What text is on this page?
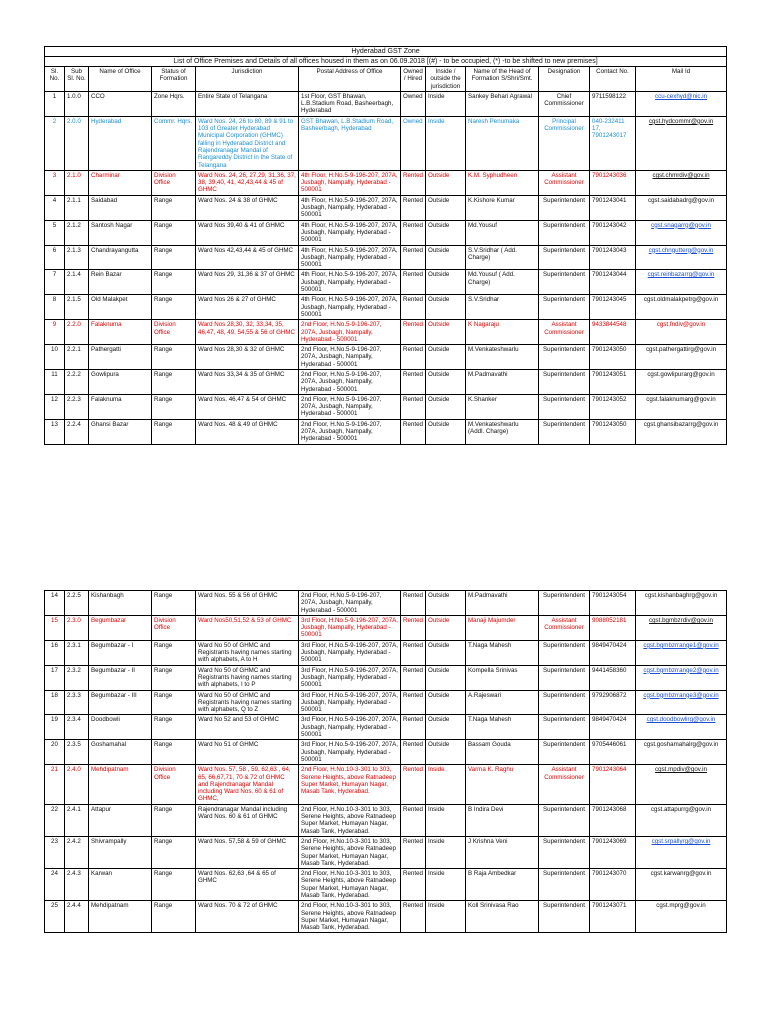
Hyderabad GST Zone											
List of Office Premises and Details of all offices housed in them as on 06.09.2018 [(#) - to be occupied, (*) -to be shifted to new premises]											
Sl. No.	Sub Sl. No.	Name of Office	Status of Formation	Jurisdiction	Postal Address of Office	Owned/ Hired	Inside / outside the jurisdiction	Name of the Head of Formation S/Shri/Smt.	Designation	Contact No.	Mail Id
1	1.0.0	CCO	Zone Hqrs.	Entire State of Telangana	1st Floor, GST Bhawan, L.B.Stadium Road, Basheerbagh, Hyderabad	Owned	Inside	Sankey Behari Agrawal	Chief Commissioner	9711598122	ccu-cexhyd@nic.in
2	2.0.0	Hyderabad	Commr. Hqrs.	Ward Nos. 24, 26 to 80, 89 & 91 to 103 of Greater Hyderabad Municipal Corporation (GHMC) falling in Hyderabad District and Rajendranagar Mandal of Rangareddy District in the State of Telangana	GST Bhawan, L.B.Stadium Road, Basheerbagh, Hyderabad	Owned	Inside	Naresh Penumaka	Principal Commissioner	040-232411 17, 7901243017	cgst.hydcommr@gov.in
3	2.1.0	Charminar	Division Office	Ward Nos. 24, 26, 27,29, 31,36, 37, 38, 39,40, 41, 42,43,44 & 45 of GHMC	4th Floor, H.No.5-9-196-207, 207A, Jusbagh, Nampally, Hyderabad - 500001	Rented	Outside	K.M. Syphudheen	Assistant Commissioner	7901243036	cgst.chmrdiv@gov.in
4	2.1.1	Saidabad	Range	Ward Nos. 24 & 38 of GHMC	4th Floor, H.No.5-9-196-207, 207A, Jusbagh, Nampally, Hyderabad - 500001	Rented	Outside	K.Kishore Kumar	Superintendent	7901243041	cgst.saidabadrg@gov.in
5	2.1.2	Santosh Nagar	Range	Ward Nos 39,40 & 41 of GHMC	4th Floor, H.No.5-9-196-207, 207A, Jusbagh, Nampally, Hyderabad - 500001	Rented	Outside	Md.Yousuf	Superintendent	7901243042	cgst.snagarrg@gov.in
6	2.1.3	Chandrayangutta	Range	Ward Nos 42,43,44 & 45 of GHMC	4th Floor, H.No.5-9-196-207, 207A, Jusbagh, Nampally, Hyderabad - 500001	Rented	Outside	S.V.Sridhar ( Add. Charge)	Superintendent	7901243043	cgst.chngutterg@gov.in
7	2.1.4	Rein Bazar	Range	Ward Nos 29, 31,36 & 37 of GHMC	4th Floor, H.No.5-9-196-207, 207A, Jusbagh, Nampally, Hyderabad - 500001	Rented	Outside	Md.Yousuf ( Add. Charge)	Superintendent	7901243044	cgst.reinbazarrg@gov.in
8	2.1.5	Old Malakpet	Range	Ward Nos 26 & 27 of GHMC	4th Floor, H.No.5-9-196-207, 207A, Jusbagh, Nampally, Hyderabad - 500001	Rented	Outside	S.V.Sridhar	Superintendent	7901243045	cgst.oldmalakpetrg@gov.in
9	2.2.0	Falaknuma	Division Office	Ward Nos 28,30, 32, 33,34, 35, 46,47, 48, 49, 54,55 & 56 of GHMC	2nd Floor, H.No.5-9-196-207, 207A, Jusbagh, Nampally, Hyderabad - 500001	Rented	Outside	K Nagaraju	Assistant Commissioner	9433844548	cgst.fndiv@gov.in
10	2.2.1	Pathergatti	Range	Ward Nos 28,30 & 32 of GHMC	2nd Floor, H.No.5-9-196-207, 207A, Jusbagh, Nampally, Hyderabad - 500001	Rented	Outside	M.Venkateshwarlu	Superintendent	7901243050	cgst.pathergattirg@gov.in
11	2.2.2	Gowlipura	Range	Ward Nos 33,34 & 35 of GHMC	2nd Floor, H.No.5-9-196-207, 207A, Jusbagh, Nampally, Hyderabad - 500001	Rented	Outside	M.Padmavathi	Superintendent	7901243051	cgst.gowlipurarg@gov.in
12	2.2.3	Falaknuma	Range	Ward Nos. 46,47 & 54 of GHMC	2nd Floor, H.No.5-9-196-207, 207A, Jusbagh, Nampally, Hyderabad - 500001	Rented	Outside	K.Shanker	Superintendent	7901243052	cgst.falaknumarg@gov.in
13	2.2.4	Ghansi Bazar	Range	Ward Nos. 48 & 49 of GHMC	2nd Floor, H.No.5-9-196-207, 207A, Jusbagh, Nampally, Hyderabad - 500001	Rented	Outside	M.Venkateshwarlu (Addl. Charge)	Superintendent	7901243050	cgst.ghansibazarrg@gov.in
14	2.2.5	Kishanbagh	Range	Ward Nos. 55 & 56 of GHMC	2nd Floor, H.No.5-9-196-207, 207A, Jusbagh, Nampally, Hyderabad - 500001	Rented	Outside	M.Padmavathi	Superintendent	7901243054	cgst.kishanbaghrg@gov.in
15	2.3.0	Begumbazar	Division Office	Ward Nos50,51,52 & 53 of GHMC	3rd Floor, H.No.5-9-196-207, 207A, Jusbagh, Nampally, Hyderabad - 500001	Rented	Outside	Manaji Majumder	Assistant Commissioner	9088052181	cgst.bgmbzrdiv@gov.in
16	2.3.1	Begumbazar - I	Range	Ward No 50 of GHMC and Registrants having names starting with alphabets, A to H	3rd Floor, H.No.5-9-196-207, 207A, Jusbagh, Nampally, Hyderabad - 500001	Rented	Outside	T.Naga Mahesh	Superintendent	9849470424	cgst.bgmbzrrange1@gov.in
17	2.3.2	Begumbazar - II	Range	Ward No 50 of GHMC and Registrants having names starting with alphabets, I to P	3rd Floor, H.No.5-9-196-207, 207A, Jusbagh, Nampally, Hyderabad - 500001	Rented	Outside	Kompella Srinivas	Superintendent	9441458360	cgst.bgmbzrrange2@gov.in
18	2.3.3	Begumbazar - III	Range	Ward No 50 of GHMC and Registrants having names starting with alphabets, Q to Z	3rd Floor, H.No.5-9-196-207, 207A, Jusbagh, Nampally, Hyderabad - 500001	Rented	Outside	A.Rajeswari	Superintendent	9792906872	cgst.bgmbzrrange3@gov.in
19	2.3.4	Doodbowli	Range	Ward No 52 and 53 of GHMC	3rd Floor, H.No.5-9-196-207, 207A, Jusbagh, Nampally, Hyderabad - 500001	Rented	Outside	T.Naga Mahesh	Superintendent	9849470424	cgst.doodbowlirg@gov.in
20	2.3.5	Goshamahal	Range	Ward No 51 of GHMC	3rd Floor, H.No.5-9-196-207, 207A, Jusbagh, Nampally, Hyderabad - 500001	Rented	Outside	Bassam Gouda	Superintendent	9705446061	cgst.goshamahalrg@gov.in
21	2.4.0	Mehdipatnam	Division Office	Ward Nos. 57, 58 , 59, 62,63 , 64, 65, 66,67,71, 70 & 72 of GHMC and Rajendranagar Mandal including Ward Nos. 60 & 61 of GHMC,	2nd Floor, H.No.10-3-301 to 303, Serene Heights, above Ratnadeep Super Market, Humayan Nagar, Masab Tank, Hyderabad.	Rented	Inside	Varma K. Raghu	Assistant Commissioner	7901243064	cgst.mpdiv@gov.in
22	2.4.1	Attapur	Range	Rajendranagar Mandal including Ward Nos. 60 & 61 of GHMC	2nd Floor, H.No.10-3-301 to 303, Serene Heights, above Ratnadeep Super Market, Humayan Nagar, Masab Tank, Hyderabad.	Rented	Inside	B Indira Devi	Superintendent	7901243068	cgst.attapurrg@gov.in
23	2.4.2	Shivrampally	Range	Ward Nos. 57,58 & 59 of GHMC	2nd Floor, H.No.10-3-301 to 303, Serene Heights, above Ratnadeep Super Market, Humayan Nagar, Masab Tank, Hyderabad.	Rented	Inside	J Krishna Veni	Superintendent	7901243069	cgst.srpallyrg@gov.in
24	2.4.3	Karwan	Range	Ward Nos. 62,63 ,64 & 65 of GHMC	2nd Floor, H.No.10-3-301 to 303, Serene Heights, above Ratnadeep Super Market, Humayan Nagar, Masab Tank, Hyderabad.	Rented	Inside	B Raja Ambedkar	Superintendent	7901243070	cgst.karwanrg@gov.in
25	2.4.4	Mehdipatnam	Range	Ward Nos. 70 & 72 of GHMC	2nd Floor, H.No.10-3-301 to 303, Serene Heights, above Ratnadeep Super Market, Humayan Nagar, Masab Tank, Hyderabad.	Rented	Inside	Koll Srinivasa Rao	Superintendent	7901243071	cgst.mprg@gov.in
